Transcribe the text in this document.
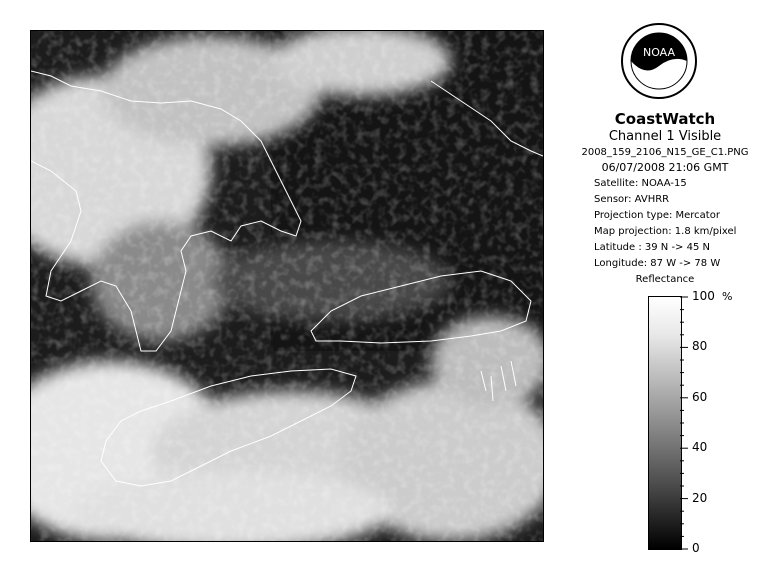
NOAA
CoastWatch
Channel 1 Visible
2008_159_2106_N15_GE_C1.PNG
06/07/2008 21:06 GMT
Satellite: NOAA-15
Sensor: AVHRR
Projection type: Mercator
Map projection: 1.8 km/pixel
Latitude : 39 N -> 45 N
Longitude: 87 W -> 78 W
Reflectance
100
80
60
40
20
0
%
